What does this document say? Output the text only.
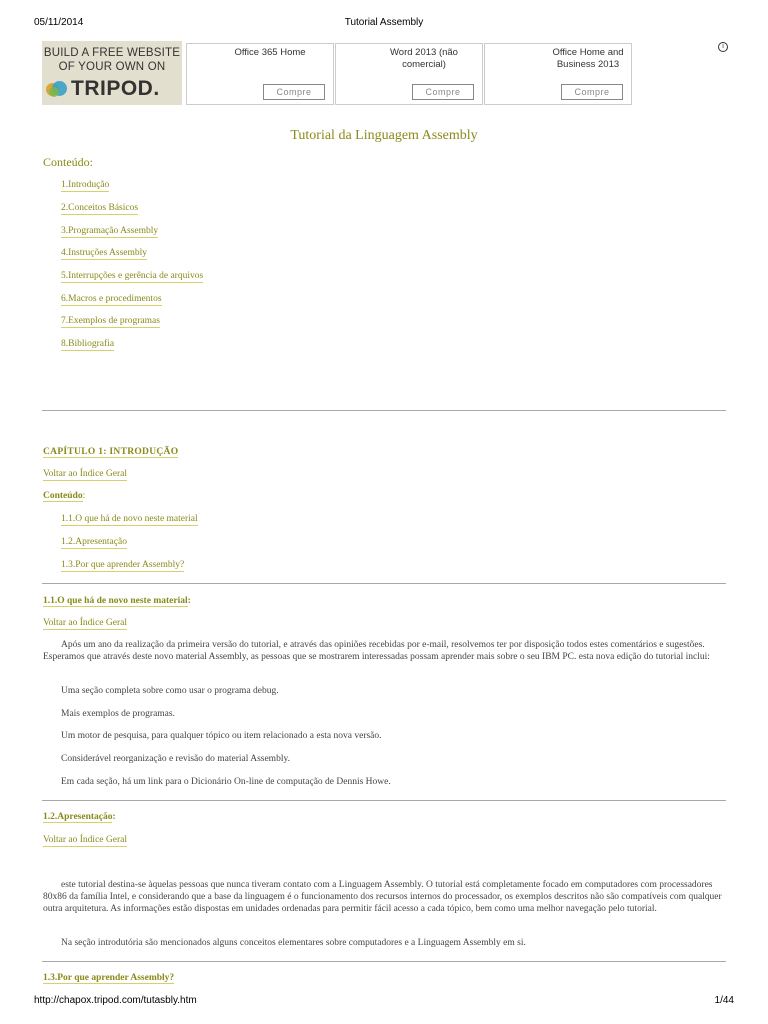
05/11/2014	Tutorial Assembly
BUILD A FREE WEBSITE
OF YOUR OWN ON
TRIPOD.
Office 365 Home
Compre
Word 2013 (não comercial)
Compre
Office Home and Business 2013
Compre
i
Tutorial da Linguagem Assembly
Conteúdo:
1.Introdução
2.Conceitos Básicos
3.Programação Assembly
4.Instruções Assembly
5.Interrupções e gerência de arquivos
6.Macros e procedimentos
7.Exemplos de programas
8.Bibliografia
CAPÍTULO 1: INTRODUÇÃO
Voltar ao Índice Geral
Conteúdo:
1.1.O que há de novo neste material
1.2.Apresentação
1.3.Por que aprender Assembly?
1.1.O que há de novo neste material:
Voltar ao Índice Geral
Após um ano da realização da primeira versão do tutorial, e através das opiniões recebidas por e-mail, resolvemos ter por disposição todos estes comentários e sugestões. Esperamos que através deste novo material Assembly, as pessoas que se mostrarem interessadas possam aprender mais sobre o seu IBM PC. esta nova edição do tutorial inclui:
Uma seção completa sobre como usar o programa debug.
Mais exemplos de programas.
Um motor de pesquisa, para qualquer tópico ou item relacionado a esta nova versão.
Considerável reorganização e revisão do material Assembly.
Em cada seção, há um link para o Dicionário On-line de computação de Dennis Howe.
1.2.Apresentação:
Voltar ao Índice Geral
este tutorial destina-se àquelas pessoas que nunca tiveram contato com a Linguagem Assembly. O tutorial está completamente focado em computadores com processadores 80x86 da família Intel, e considerando que a base da linguagem é o funcionamento dos recursos internos do processador, os exemplos descritos não são compatíveis com qualquer outra arquitetura. As informações estão dispostas em unidades ordenadas para permitir fácil acesso a cada tópico, bem como uma melhor navegação pelo tutorial.
Na seção introdutória são mencionados alguns conceitos elementares sobre computadores e a Linguagem Assembly em si.
1.3.Por que aprender Assembly?
http://chapox.tripod.com/tutasbly.htm	1/44
